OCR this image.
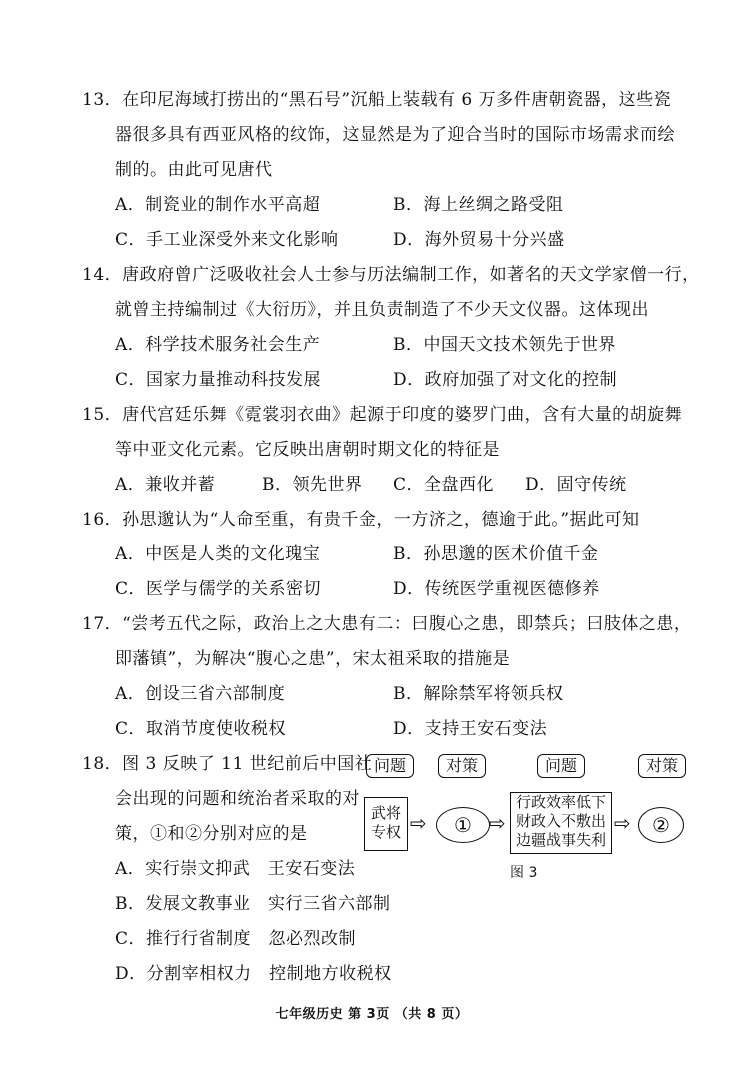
13．在印尼海域打捞出的“黑石号”沉船上装载有 6 万多件唐朝瓷器，这些瓷
器很多具有西亚风格的纹饰，这显然是为了迎合当时的国际市场需求而绘
制的。由此可见唐代
A．制瓷业的制作水平高超	B．海上丝绸之路受阻
C．手工业深受外来文化影响	D．海外贸易十分兴盛
14．唐政府曾广泛吸收社会人士参与历法编制工作，如著名的天文学家僧一行，
就曾主持编制过《大衍历》，并且负责制造了不少天文仪器。这体现出
A．科学技术服务社会生产	B．中国天文技术领先于世界
C．国家力量推动科技发展	D．政府加强了对文化的控制
15．唐代宫廷乐舞《霓裳羽衣曲》起源于印度的婆罗门曲，含有大量的胡旋舞
等中亚文化元素。它反映出唐朝时期文化的特征是
A．兼收并蓄	B．领先世界 C．全盘西化 D．固守传统
16．孙思邈认为“人命至重，有贵千金，一方济之，德逾于此。”据此可知
A．中医是人类的文化瑰宝	B．孙思邈的医术价值千金
C．医学与儒学的关系密切	D．传统医学重视医德修养
17．“尝考五代之际，政治上之大患有二：曰腹心之患，即禁兵；曰肢体之患，
即藩镇”，为解决“腹心之患”，宋太祖采取的措施是
A．创设三省六部制度	B．解除禁军将领兵权
C．取消节度使收税权	D．支持王安石变法
18．图 3 反映了 11 世纪前后中国社
会出现的问题和统治者采取的对
策，①和②分别对应的是
A．实行崇文抑武　王安石变法
B．发展文教事业　实行三省六部制
C．推行行省制度　忽必烈改制
D．分割宰相权力　控制地方收税权
问题	对策	问题	对策
武将
专权 ⇨	① ⇨
行政效率低下
财政入不敷出
边疆战事失利
⇨	②
图 3
七年级历史 第 3页 （共 8 页）
